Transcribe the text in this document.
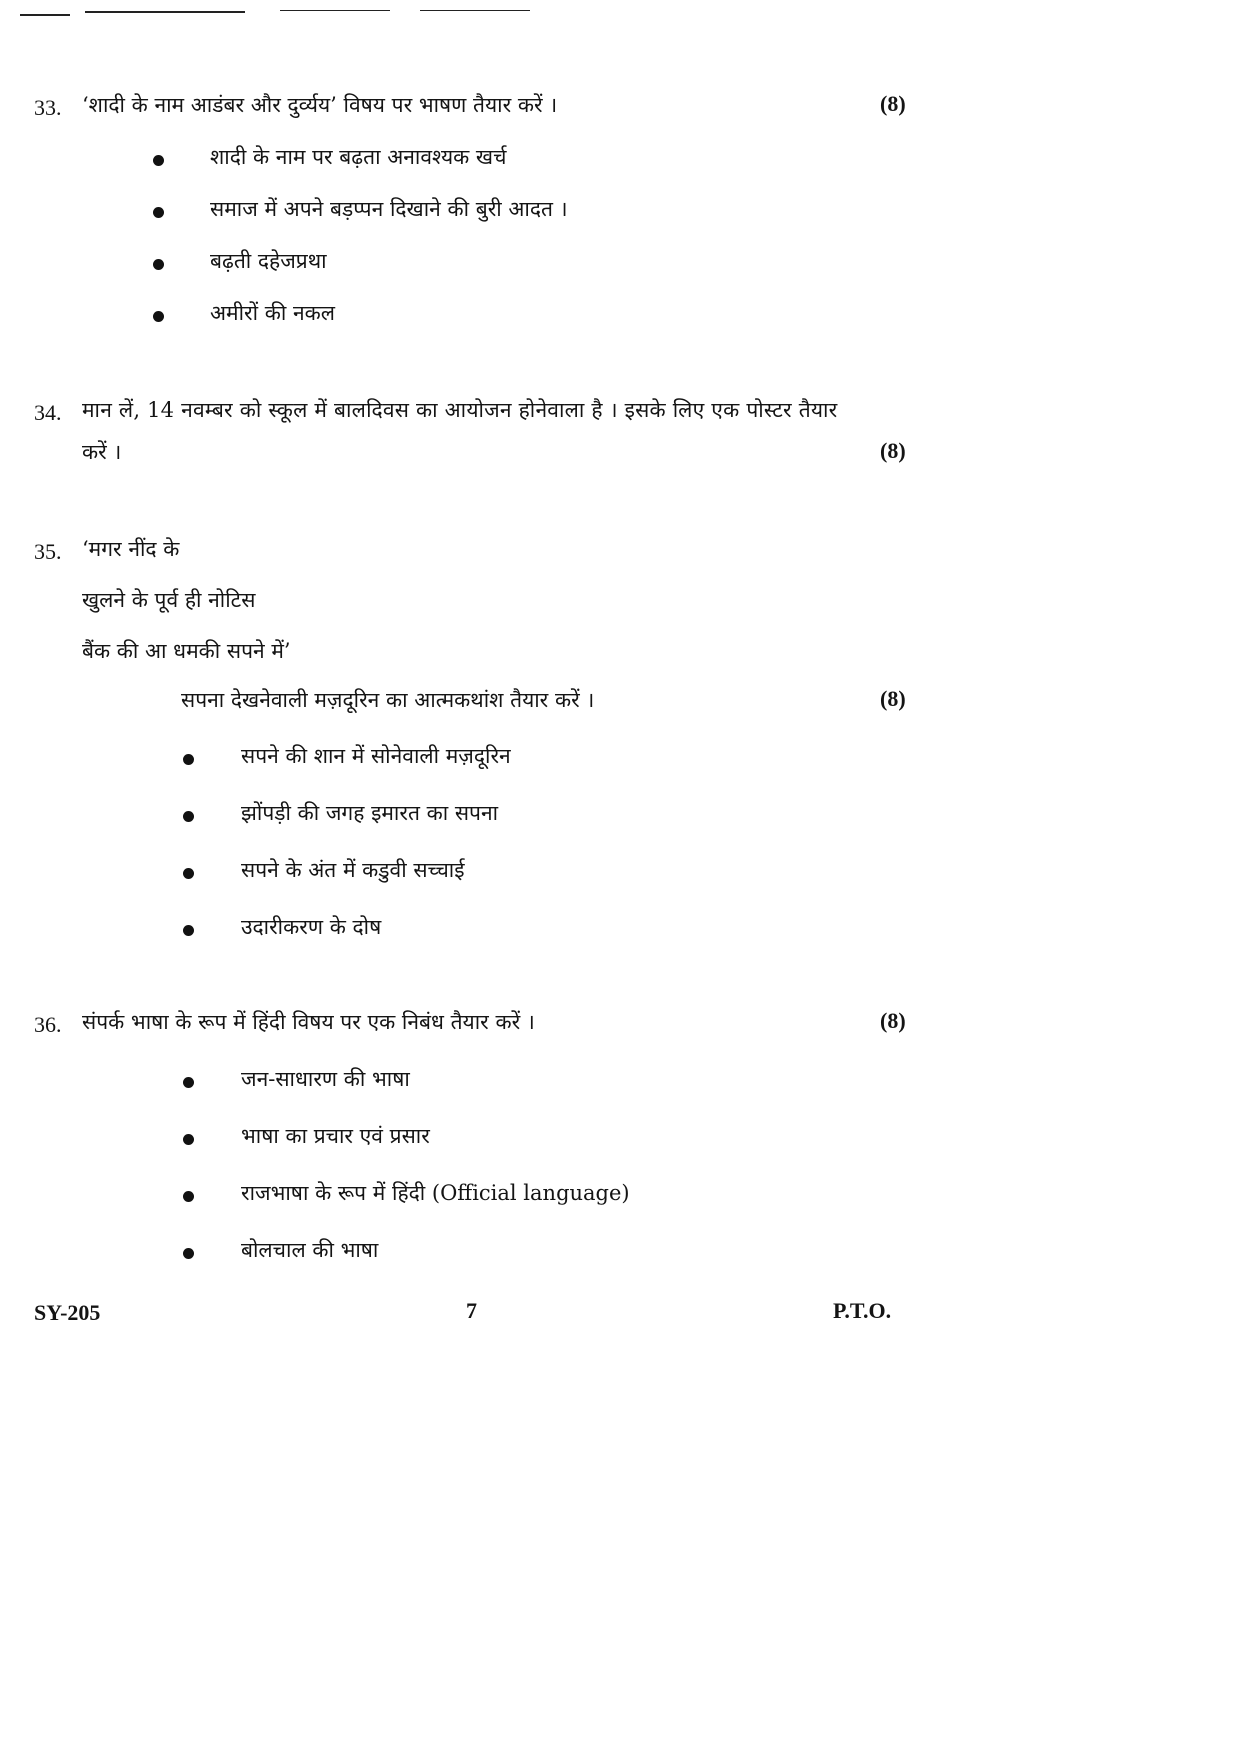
33. ‘शादी के नाम आडंबर और दुर्व्यय’ विषय पर भाषण तैयार करें ।	(8)
शादी के नाम पर बढ़ता अनावश्यक खर्च
समाज में अपने बड़प्पन दिखाने की बुरी आदत ।
बढ़ती दहेजप्रथा
अमीरों की नकल
34. मान लें, 14 नवम्बर को स्कूल में बालदिवस का आयोजन होनेवाला है । इसके लिए एक पोस्टर तैयार
करें ।	(8)
35. ‘मगर नींद के
खुलने के पूर्व ही नोटिस
बैंक की आ धमकी सपने में’
सपना देखनेवाली मज़दूरिन का आत्मकथांश तैयार करें ।	(8)
सपने की शान में सोनेवाली मज़दूरिन
झोंपड़ी की जगह इमारत का सपना
सपने के अंत में कडुवी सच्चाई
उदारीकरण के दोष
36. संपर्क भाषा के रूप में हिंदी विषय पर एक निबंध तैयार करें ।	(8)
जन-साधारण की भाषा
भाषा का प्रचार एवं प्रसार
राजभाषा के रूप में हिंदी (Official language)
बोलचाल की भाषा
SY-205	7	P.T.O.
